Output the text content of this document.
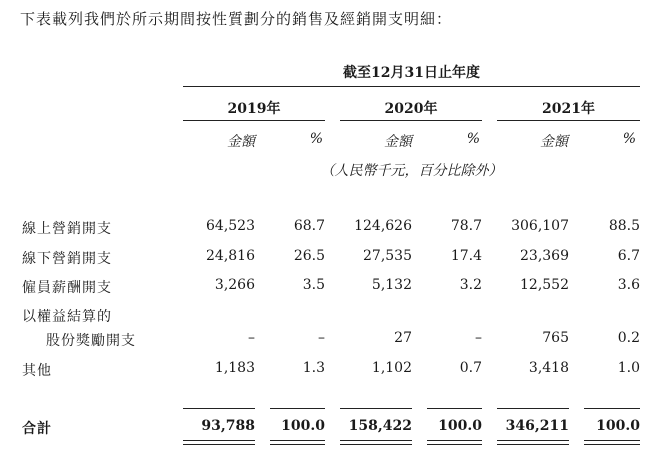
下表載列我們於所示期間按性質劃分的銷售及經銷開支明細：
截至12月31日止年度
2019年	2020年	2021年
金額	%	金額	%	金額	%
（人民幣千元，百分比除外）
線上營銷開支	64,523	68.7	124,626	78.7	306,107	88.5
線下營銷開支	24,816	26.5	27,535	17.4	23,369	6.7
僱員薪酬開支	3,266	3.5	5,132	3.2	12,552	3.6
以權益結算的
股份獎勵開支	–	–	27	–	765	0.2
其他	1,183	1.3	1,102	0.7	3,418	1.0
合計	93,788	100.0	158,422	100.0	346,211	100.0
